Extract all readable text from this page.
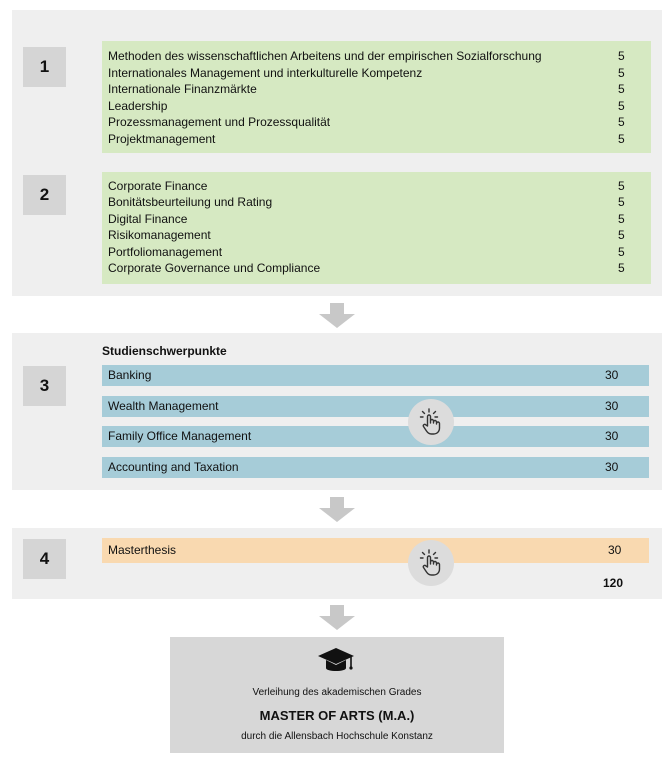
1
Methoden des wissenschaftlichen Arbeitens und der empirischen Sozialforschung	5
Internationales Management und interkulturelle Kompetenz	5
Internationale Finanzmärkte	5
Leadership	5
Prozessmanagement und Prozessqualität	5
Projektmanagement	5
2	Corporate Finance	5
Bonitätsbeurteilung und Rating	5
Digital Finance	5
Risikomanagement	5
Portfoliomanagement	5
Corporate Governance und Compliance	5
Studienschwerpunkte
3
Banking	30
Wealth Management	30
Family Office Management	30
Accounting and Taxation	30
4	Masterthesis	30
120
Verleihung des akademischen Grades
MASTER OF ARTS (M.A.)
durch die Allensbach Hochschule Konstanz
